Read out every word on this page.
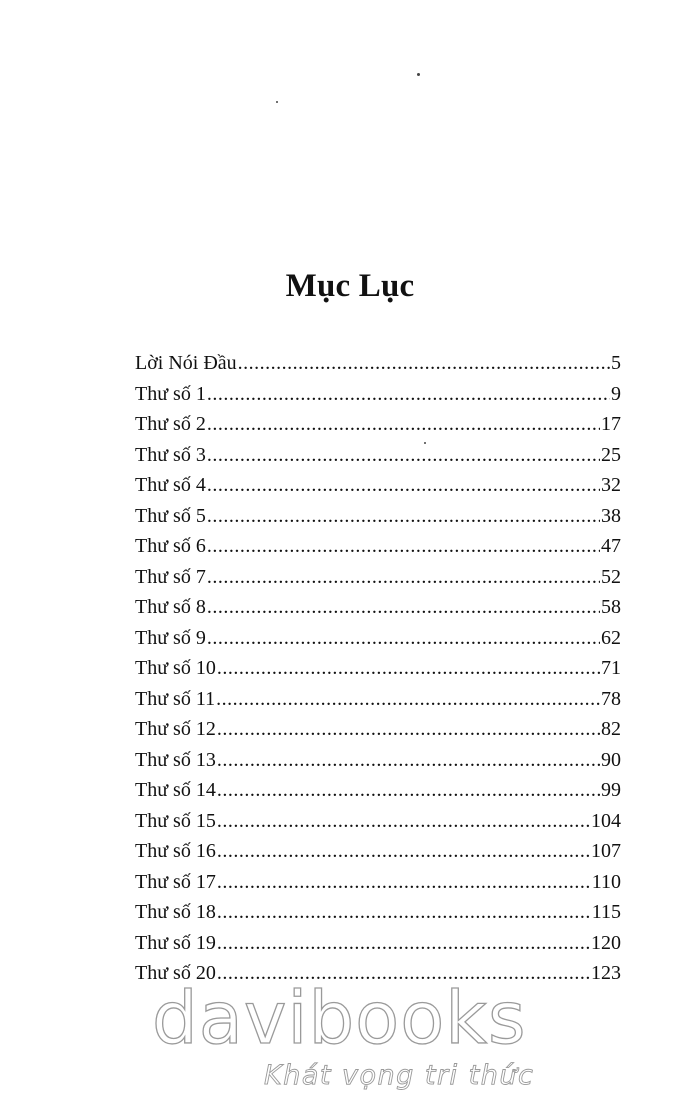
Mục Lục
Lời Nói Đầu .....	5
Thư số 1 .....	9
Thư số 2 .....	17
Thư số 3 .....	25
Thư số 4 .....	32
Thư số 5 .....	38
Thư số 6 .....	47
Thư số 7 .....	52
Thư số 8 .....	58
Thư số 9 .....	62
Thư số 10 .....	71
Thư số 11 .....	78
Thư số 12 .....	82
Thư số 13 .....	90
Thư số 14 .....	99
Thư số 15 .....	104
Thư số 16 .....	107
Thư số 17 .....	110
Thư số 18 .....	115
Thư số 19 .....	120
Thư số 20 .....	123
davibooks
Khát vọng tri thức
